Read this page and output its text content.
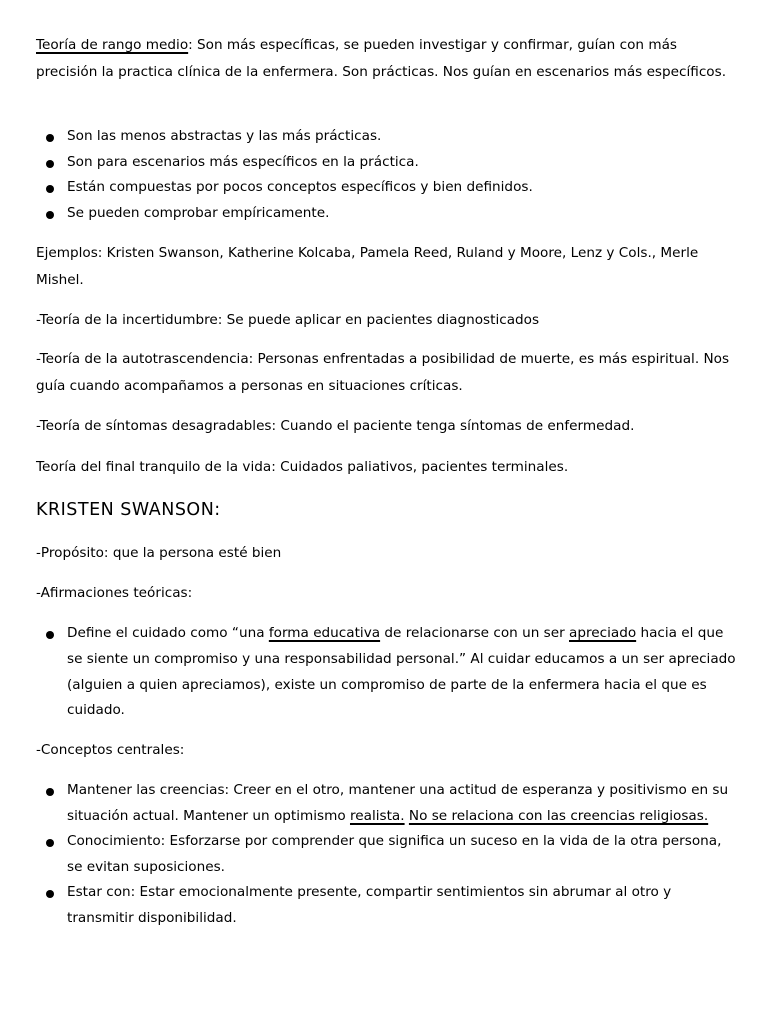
Teoría de rango medio: Son más específicas, se pueden investigar y confirmar, guían con más precisión la practica clínica de la enfermera. Son prácticas. Nos guían en escenarios más específicos.

Son las menos abstractas y las más prácticas.
Son para escenarios más específicos en la práctica.
Están compuestas por pocos conceptos específicos y bien definidos.
Se pueden comprobar empíricamente.

Ejemplos: Kristen Swanson, Katherine Kolcaba, Pamela Reed, Ruland y Moore, Lenz y Cols., Merle Mishel.

-Teoría de la incertidumbre: Se puede aplicar en pacientes diagnosticados

-Teoría de la autotrascendencia: Personas enfrentadas a posibilidad de muerte, es más espiritual. Nos guía cuando acompañamos a personas en situaciones críticas.

-Teoría de síntomas desagradables: Cuando el paciente tenga síntomas de enfermedad.

Teoría del final tranquilo de la vida: Cuidados paliativos, pacientes terminales.

KRISTEN SWANSON:

-Propósito: que la persona esté bien

-Afirmaciones teóricas:

Define el cuidado como “una forma educativa de relacionarse con un ser apreciado hacia el que se siente un compromiso y una responsabilidad personal.” Al cuidar educamos a un ser apreciado (alguien a quien apreciamos), existe un compromiso de parte de la enfermera hacia el que es cuidado.

-Conceptos centrales:

Mantener las creencias: Creer en el otro, mantener una actitud de esperanza y positivismo en su situación actual. Mantener un optimismo realista. No se relaciona con las creencias religiosas.
Conocimiento: Esforzarse por comprender que significa un suceso en la vida de la otra persona, se evitan suposiciones.
Estar con: Estar emocionalmente presente, compartir sentimientos sin abrumar al otro y transmitir disponibilidad.
